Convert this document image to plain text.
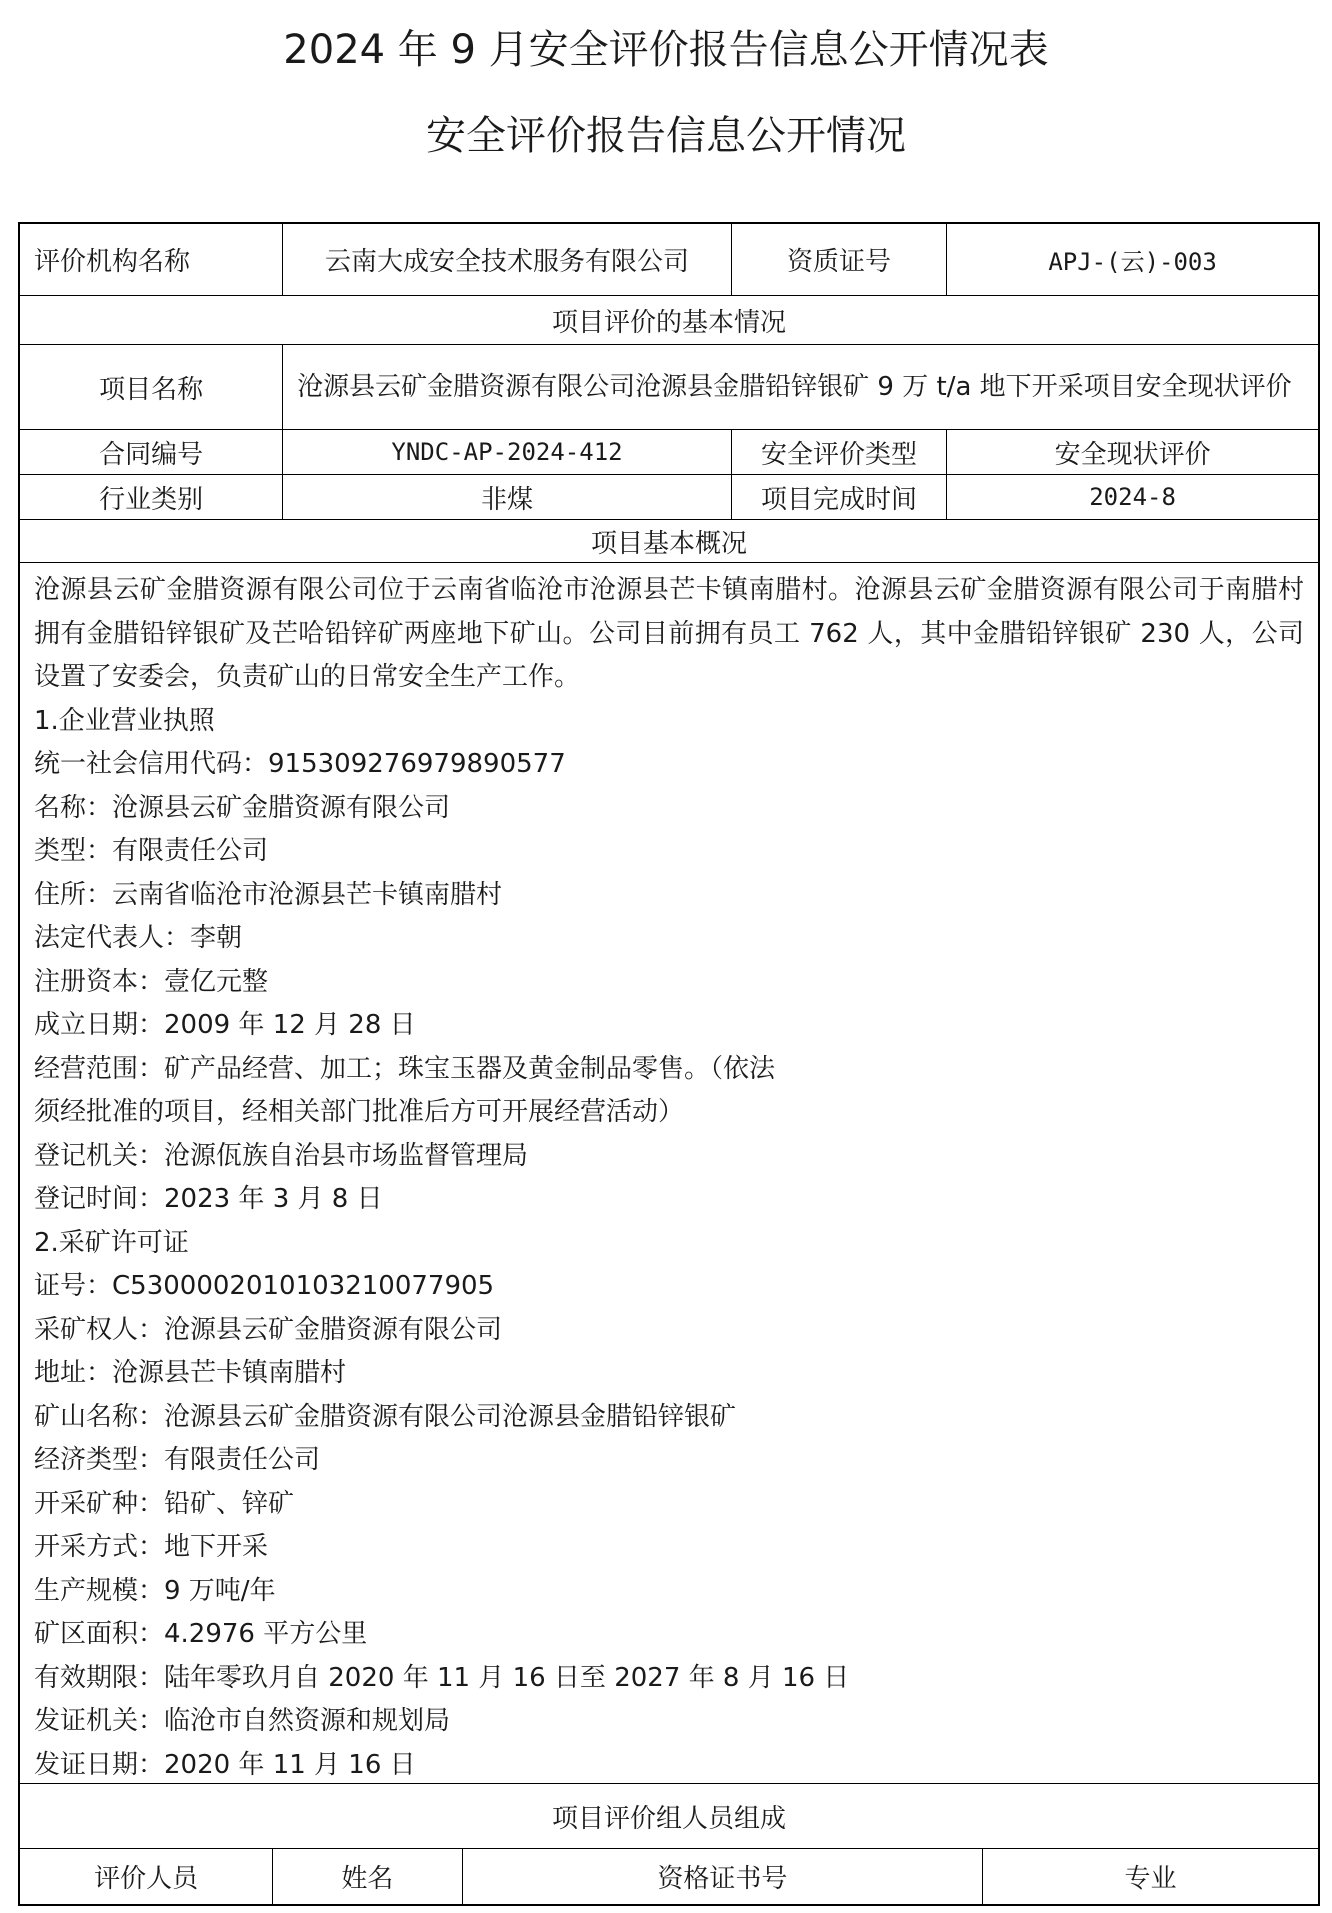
2024 年 9 月安全评价报告信息公开情况表
安全评价报告信息公开情况
评价机构名称	云南大成安全技术服务有限公司	资质证号	APJ-(云)-003
项目评价的基本情况
项目名称	沧源县云矿金腊资源有限公司沧源县金腊铅锌银矿 9 万 t/a 地下开采项目安全现状评价
合同编号	YNDC-AP-2024-412	安全评价类型	安全现状评价
行业类别	非煤	项目完成时间	2024-8
项目基本概况
沧源县云矿金腊资源有限公司位于云南省临沧市沧源县芒卡镇南腊村。沧源县云矿金腊资源有限公司于南腊村拥有金腊铅锌银矿及芒哈铅锌矿两座地下矿山。公司目前拥有员工 762 人，其中金腊铅锌银矿 230 人，公司设置了安委会，负责矿山的日常安全生产工作。
1.企业营业执照
统一社会信用代码：915309276979890577
名称：沧源县云矿金腊资源有限公司
类型：有限责任公司
住所：云南省临沧市沧源县芒卡镇南腊村
法定代表人：李朝
注册资本：壹亿元整
成立日期：2009 年 12 月 28 日
经营范围：矿产品经营、加工；珠宝玉器及黄金制品零售。（依法
须经批准的项目，经相关部门批准后方可开展经营活动）
登记机关：沧源佤族自治县市场监督管理局
登记时间：2023 年 3 月 8 日
2.采矿许可证
证号：C5300002010103210077905
采矿权人：沧源县云矿金腊资源有限公司
地址：沧源县芒卡镇南腊村
矿山名称：沧源县云矿金腊资源有限公司沧源县金腊铅锌银矿
经济类型：有限责任公司
开采矿种：铅矿、锌矿
开采方式：地下开采
生产规模：9 万吨/年
矿区面积：4.2976 平方公里
有效期限：陆年零玖月自 2020 年 11 月 16 日至 2027 年 8 月 16 日
发证机关：临沧市自然资源和规划局
发证日期：2020 年 11 月 16 日
项目评价组人员组成
评价人员	姓名	资格证书号	专业
